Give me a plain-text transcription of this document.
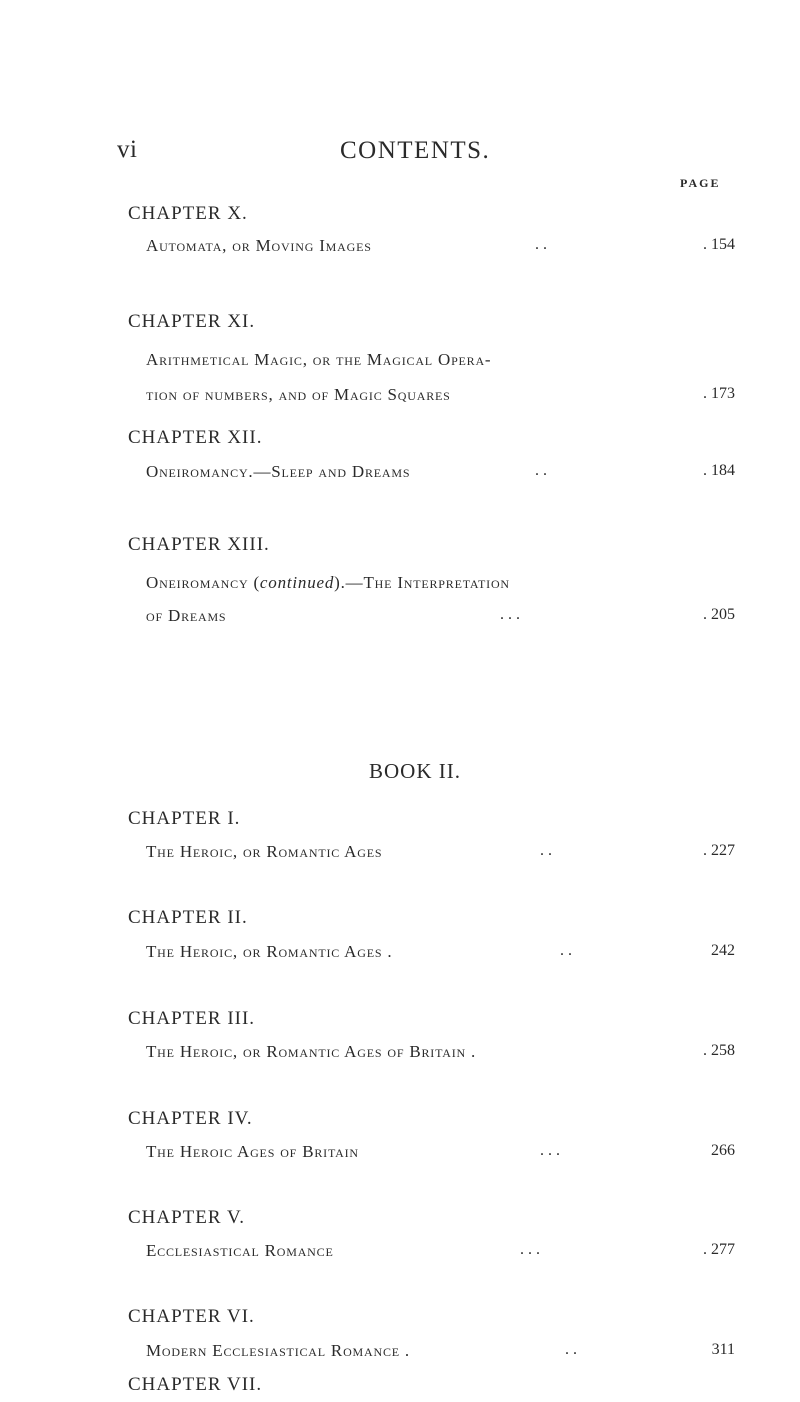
vi	CONTENTS.
PAGE
CHAPTER X.
Automata, or Moving Images	. .	. 154
CHAPTER XI.
Arithmetical Magic, or the Magical Opera-
tion of numbers, and of Magic Squares	. 173
CHAPTER XII.
Oneiromancy.—Sleep and Dreams	. .	. 184
CHAPTER XIII.
Oneiromancy (continued).—The Interpretation
of Dreams	. . .	. 205
BOOK II.
CHAPTER I.
The Heroic, or Romantic Ages	. .	. 227
CHAPTER II.
The Heroic, or Romantic Ages .	. .	242
CHAPTER III.
The Heroic, or Romantic Ages of Britain .	. 258
CHAPTER IV.
The Heroic Ages of Britain	. . .	266
CHAPTER V.
Ecclesiastical Romance	. . .	. 277
CHAPTER VI.
Modern Ecclesiastical Romance .	. .	311
CHAPTER VII.
